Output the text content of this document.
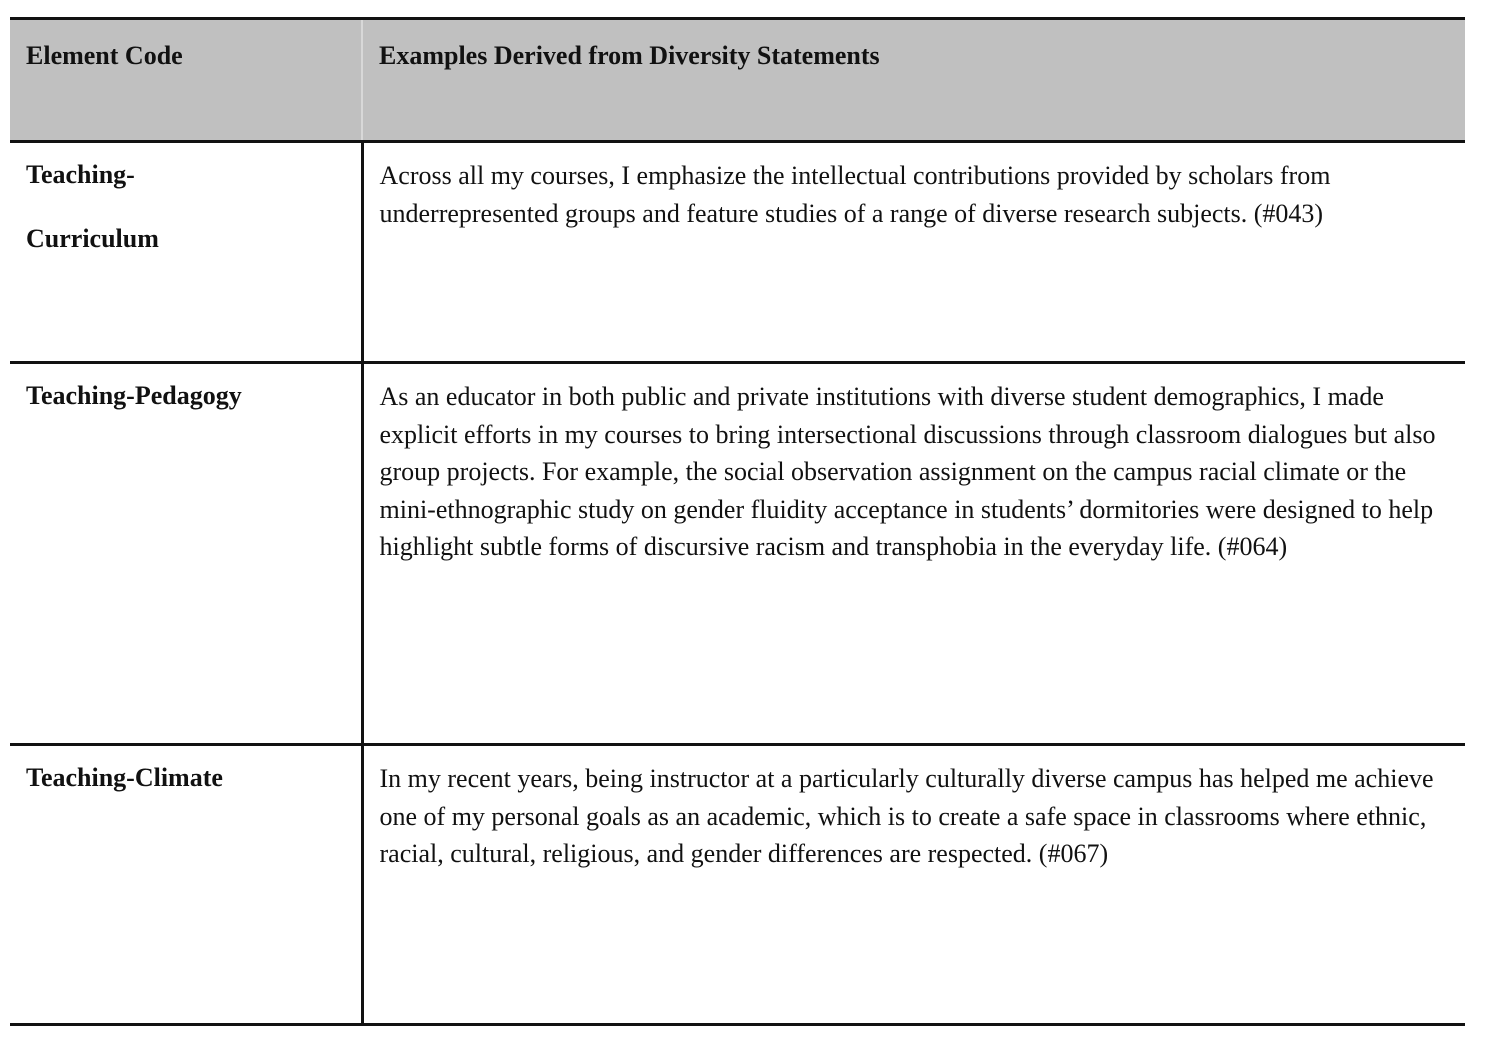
Element Code	Examples Derived from Diversity Statements

Teaching-
Curriculum	Across all my courses, I emphasize the intellectual contributions provided by scholars from underrepresented groups and feature studies of a range of diverse research subjects. (#043)

Teaching-Pedagogy	As an educator in both public and private institutions with diverse student demographics, I made explicit efforts in my courses to bring intersectional discussions through classroom dialogues but also group projects. For example, the social observation assignment on the campus racial climate or the mini-ethnographic study on gender fluidity acceptance in students’ dormitories were designed to help highlight subtle forms of discursive racism and transphobia in the everyday life. (#064)

Teaching-Climate	In my recent years, being instructor at a particularly culturally diverse campus has helped me achieve one of my personal goals as an academic, which is to create a safe space in classrooms where ethnic, racial, cultural, religious, and gender differences are respected. (#067)
